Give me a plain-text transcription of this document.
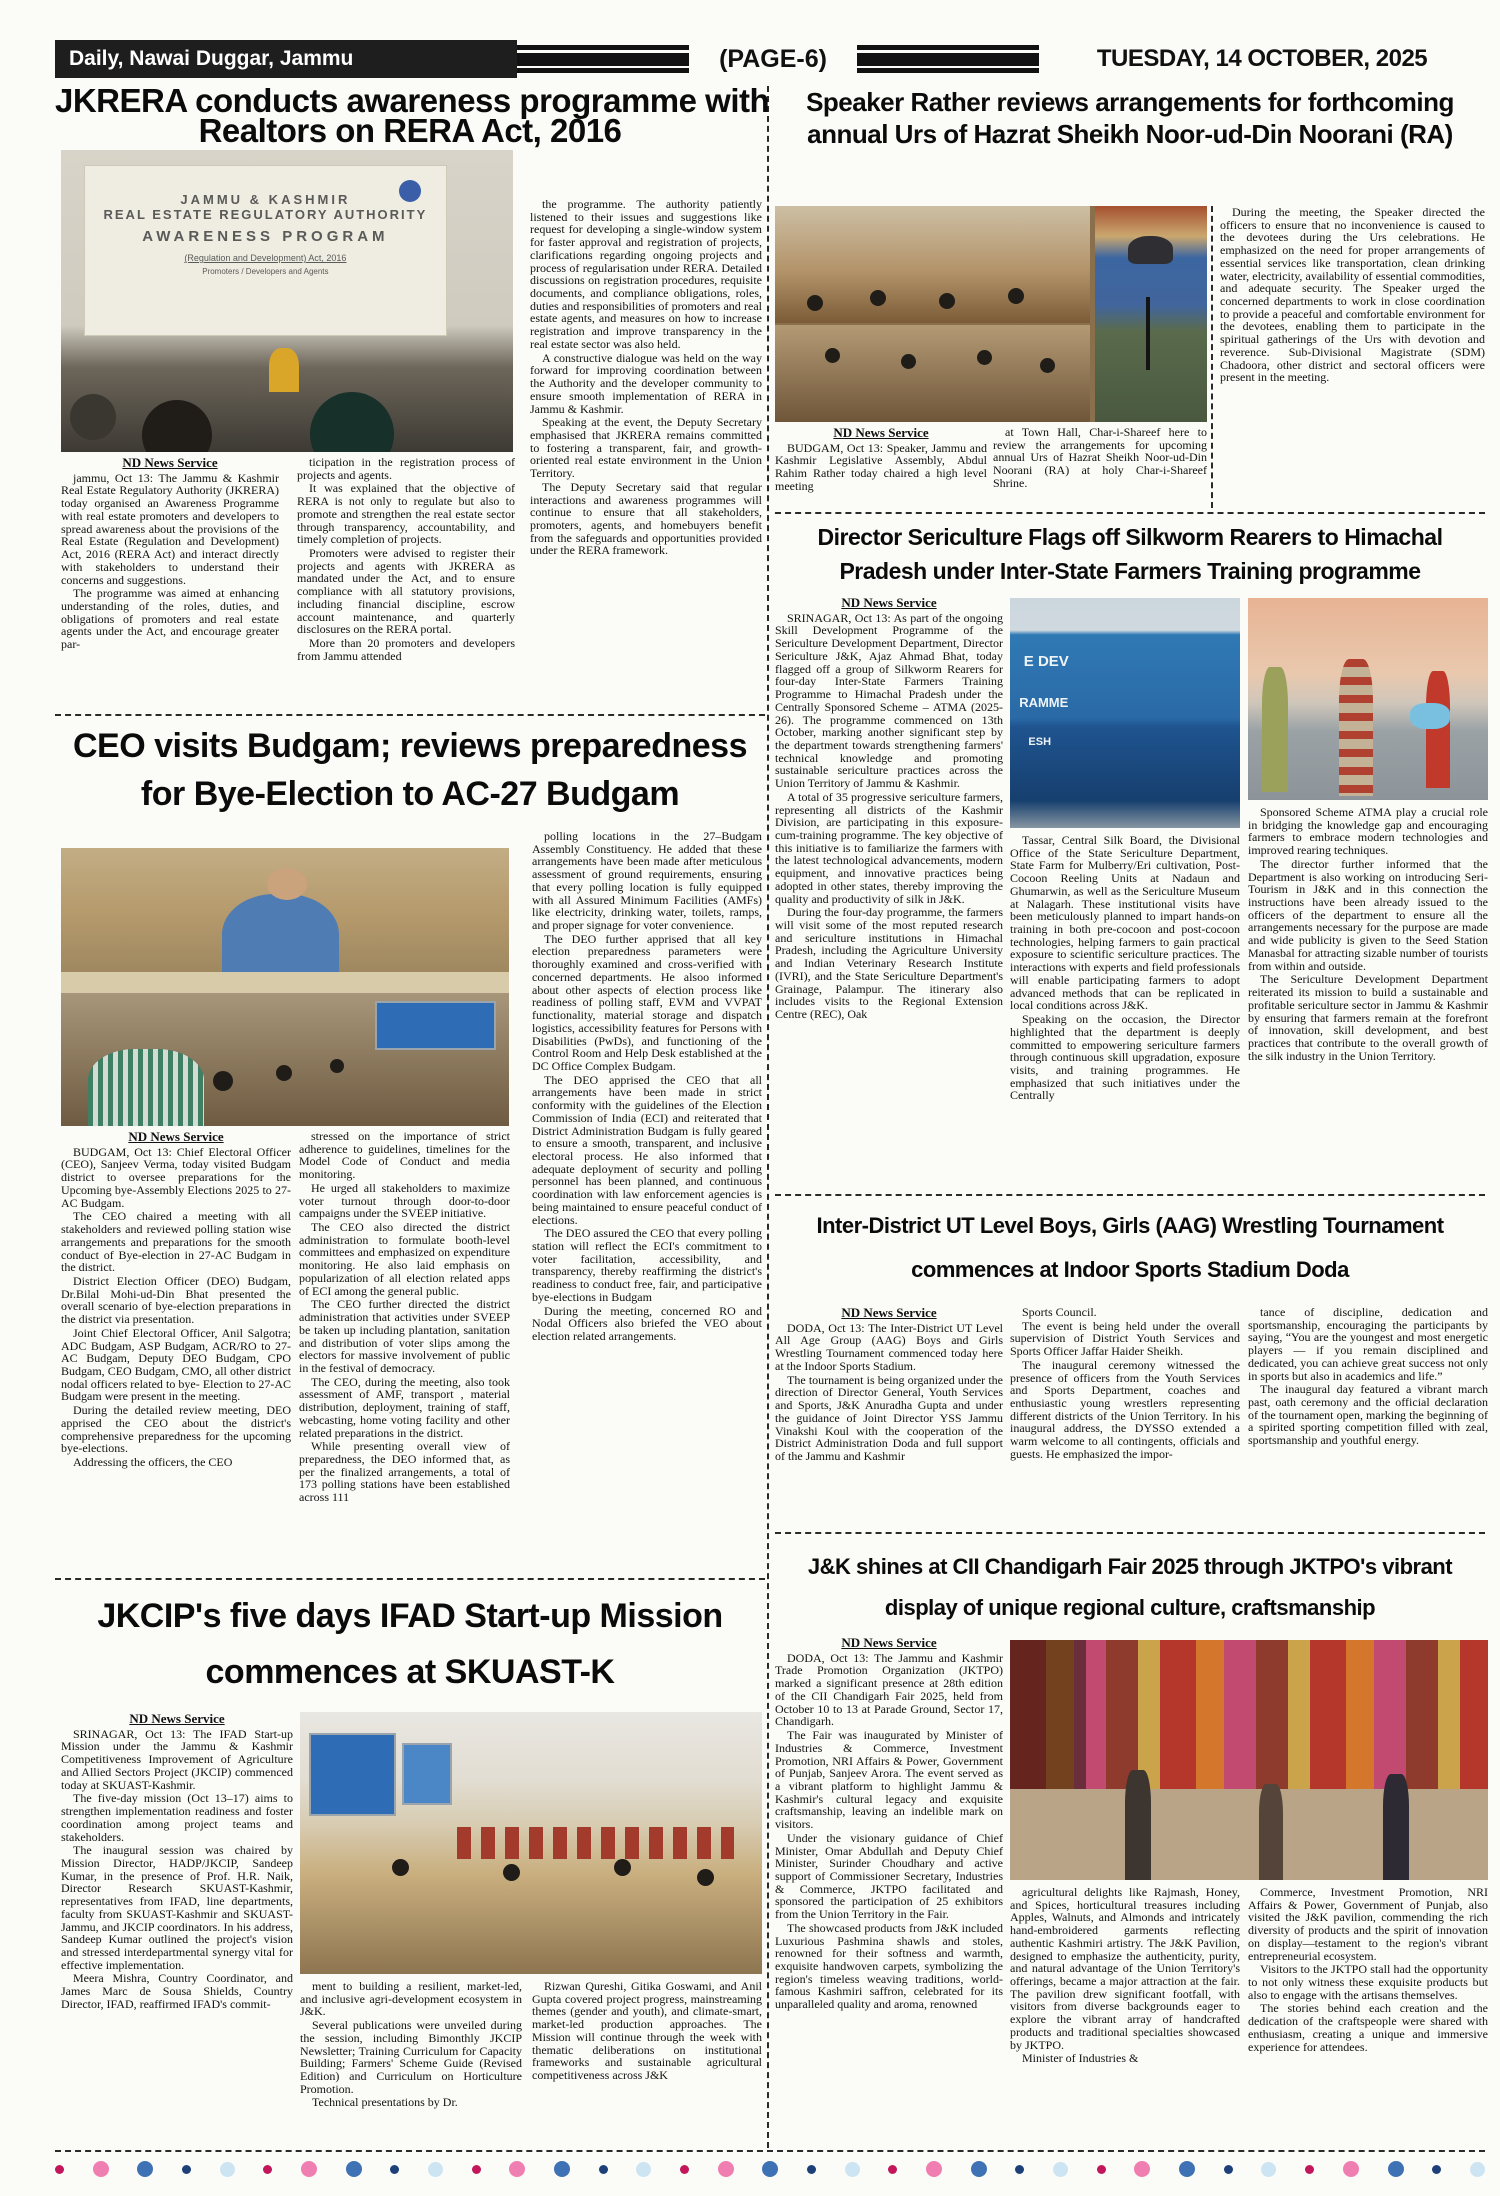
Daily, Nawai Duggar, Jammu	(PAGE-6)	TUESDAY, 14 OCTOBER, 2025

JKRERA conducts awareness programme with

Realtors on RERA Act, 2016

JAMMU & KASHMIR
REAL ESTATE REGULATORY AUTHORITY
AWARENESS PROGRAM
(Regulation and Development) Act, 2016
Promoters / Developers and Agents
ND News Service

jammu, Oct 13: The Jammu & Kashmir Real Estate Regulatory Authority (JKRERA) today organised an Awareness Programme with real estate promoters and developers to spread awareness about the provisions of the Real Estate (Regulation and Development) Act, 2016 (RERA Act) and interact directly with stakeholders to understand their concerns and suggestions.

The programme was aimed at enhancing understanding of the roles, duties, and obligations of promoters and real estate agents under the Act, and encourage greater par-

ticipation in the registration process of projects and agents.

It was explained that the objective of RERA is not only to regulate but also to promote and strengthen the real estate sector through transparency, accountability, and timely completion of projects.

Promoters were advised to register their projects and agents with JKRERA as mandated under the Act, and to ensure compliance with all statutory provisions, including financial discipline, escrow account maintenance, and quarterly disclosures on the RERA portal.

More than 20 promoters and developers from Jammu attended

the programme. The authority patiently listened to their issues and suggestions like request for developing a single-window system for faster approval and registration of projects, clarifications regarding ongoing projects and process of regularisation under RERA. Detailed discussions on registration procedures, requisite documents, and compliance obligations, roles, duties and responsibilities of promoters and real estate agents, and measures on how to increase registration and improve transparency in the real estate sector was also held.

A constructive dialogue was held on the way forward for improving coordination between the Authority and the developer community to ensure smooth implementation of RERA in Jammu & Kashmir.

Speaking at the event, the Deputy Secretary emphasised that JKRERA remains committed to fostering a transparent, fair, and growth-oriented real estate environment in the Union Territory.

The Deputy Secretary said that regular interactions and awareness programmes will continue to ensure that all stakeholders, promoters, agents, and homebuyers benefit from the safeguards and opportunities provided under the RERA framework.

Speaker Rather reviews arrangements for forthcoming

annual Urs of Hazrat Sheikh Noor-ud-Din Noorani (RA)

ND News Service

BUDGAM, Oct 13: Speaker, Jammu and Kashmir Legislative Assembly, Abdul Rahim Rather today chaired a high level meeting

at Town Hall, Char-i-Shareef here to review the arrangements for upcoming annual Urs of Hazrat Sheikh Noor-ud-Din Noorani (RA) at holy Char-i-Shareef Shrine.

During the meeting, the Speaker directed the officers to ensure that no inconvenience is caused to the devotees during the Urs celebrations. He emphasized on the need for proper arrangements of essential services like transportation, clean drinking water, electricity, availability of essential commodities, and adequate security. The Speaker urged the concerned departments to work in close coordination to provide a peaceful and comfortable environment for the devotees, enabling them to participate in the spiritual gatherings of the Urs with devotion and reverence. Sub-Divisional Magistrate (SDM) Chadoora, other district and sectoral officers were present in the meeting.

Director Sericulture Flags off Silkworm Rearers to Himachal

Pradesh under Inter-State Farmers Training programme

ND News Service

SRINAGAR, Oct 13: As part of the ongoing Skill Development Programme of the Sericulture Development Department, Director Sericulture J&K, Ajaz Ahmad Bhat, today flagged off a group of Silkworm Rearers for four-day Inter-State Farmers Training Programme to Himachal Pradesh under the Centrally Sponsored Scheme – ATMA (2025-26). The programme commenced on 13th October, marking another significant step by the department towards strengthening farmers' technical knowledge and promoting sustainable sericulture practices across the Union Territory of Jammu & Kashmir.

A total of 35 progressive sericulture farmers, representing all districts of the Kashmir Division, are participating in this exposure-cum-training programme. The key objective of this initiative is to familiarize the farmers with the latest technological advancements, modern equipment, and innovative practices being adopted in other states, thereby improving the quality and productivity of silk in J&K.

During the four-day programme, the farmers will visit some of the most reputed research and sericulture institutions in Himachal Pradesh, including the Agriculture University and Indian Veterinary Research Institute (IVRI), and the State Sericulture Department's Grainage, Palampur. The itinerary also includes visits to the Regional Extension Centre (REC), Oak

E DEV
RAMME
ESH

Tassar, Central Silk Board, the Divisional Office of the State Sericulture Department, State Farm for Mulberry/Eri cultivation, Post-Cocoon Reeling Units at Nadaun and Ghumarwin, as well as the Sericulture Museum at Nalagarh. These institutional visits have been meticulously planned to impart hands-on training in both pre-cocoon and post-cocoon technologies, helping farmers to gain practical exposure to scientific sericulture practices. The interactions with experts and field professionals will enable participating farmers to adopt advanced methods that can be replicated in local conditions across J&K.

Speaking on the occasion, the Director highlighted that the department is deeply committed to empowering sericulture farmers through continuous skill upgradation, exposure visits, and training programmes. He emphasized that such initiatives under the Centrally

Sponsored Scheme ATMA play a crucial role in bridging the knowledge gap and encouraging farmers to embrace modern technologies and improved rearing techniques.

The director further informed that the Department is also working on introducing Seri-Tourism in J&K and in this connection the instructions have been already issued to the officers of the department to ensure all the arrangements necessary for the purpose are made and wide publicity is given to the Seed Station Manasbal for attracting sizable number of tourists from within and outside.

The Sericulture Development Department reiterated its mission to build a sustainable and profitable sericulture sector in Jammu & Kashmir by ensuring that farmers remain at the forefront of innovation, skill development, and best practices that contribute to the overall growth of the silk industry in the Union Territory.

CEO visits Budgam; reviews preparedness

for Bye-Election to AC-27 Budgam

ND News Service

BUDGAM, Oct 13: Chief Electoral Officer (CEO), Sanjeev Verma, today visited Budgam district to oversee preparations for the Upcoming bye-Assembly Elections 2025 to 27-AC Budgam.

The CEO chaired a meeting with all stakeholders and reviewed polling station wise arrangements and preparations for the smooth conduct of Bye-election in 27-AC Budgam in the district.

District Election Officer (DEO) Budgam, Dr.Bilal Mohi-ud-Din Bhat presented the overall scenario of bye-election preparations in the district via presentation.

Joint Chief Electoral Officer, Anil Salgotra; ADC Budgam, ASP Budgam, ACR/RO to 27-AC Budgam, Deputy DEO Budgam, CPO Budgam, CEO Budgam, CMO, all other district nodal officers related to bye- Election to 27-AC Budgam were present in the meeting.

During the detailed review meeting, DEO apprised the CEO about the district's comprehensive preparedness for the upcoming bye-elections.

Addressing the officers, the CEO

stressed on the importance of strict adherence to guidelines, timelines for the Model Code of Conduct and media monitoring.

He urged all stakeholders to maximize voter turnout through door-to-door campaigns under the SVEEP initiative.

The CEO also directed the district administration to formulate booth-level committees and emphasized on expenditure monitoring. He also laid emphasis on popularization of all election related apps of ECI among the general public.

The CEO further directed the district administration that activities under SVEEP be taken up including plantation, sanitation and distribution of voter slips among the electors for massive involvement of public in the festival of democracy.

The CEO, during the meeting, also took assessment of AMF, transport , material distribution, deployment, training of staff, webcasting, home voting facility and other related preparations in the district.

While presenting overall view of preparedness, the DEO informed that, as per the finalized arrangements, a total of 173 polling stations have been established across 111

polling locations in the 27–Budgam Assembly Constituency. He added that these arrangements have been made after meticulous assessment of ground requirements, ensuring that every polling location is fully equipped with all Assured Minimum Facilities (AMFs) like electricity, drinking water, toilets, ramps, and proper signage for voter convenience.

The DEO further apprised that all key election preparedness parameters were thoroughly examined and cross-verified with concerned departments. He alsoo informed about other aspects of election process like readiness of polling staff, EVM and VVPAT functionality, material storage and dispatch logistics, accessibility features for Persons with Disabilities (PwDs), and functioning of the Control Room and Help Desk established at the DC Office Complex Budgam.

The DEO apprised the CEO that all arrangements have been made in strict conformity with the guidelines of the Election Commission of India (ECI) and reiterated that District Administration Budgam is fully geared to ensure a smooth, transparent, and inclusive electoral process. He also informed that adequate deployment of security and polling personnel has been planned, and continuous coordination with law enforcement agencies is being maintained to ensure peaceful conduct of elections.

The DEO assured the CEO that every polling station will reflect the ECI's commitment to voter facilitation, accessibility, and transparency, thereby reaffirming the district's readiness to conduct free, fair, and participative bye-elections in Budgam

During the meeting, concerned RO and Nodal Officers also briefed the VEO about election related arrangements.

Inter-District UT Level Boys, Girls (AAG) Wrestling Tournament

commences at Indoor Sports Stadium Doda

ND News Service

DODA, Oct 13: The Inter-District UT Level All Age Group (AAG) Boys and Girls Wrestling Tournament commenced today here at the Indoor Sports Stadium.

The tournament is being organized under the direction of Director General, Youth Services and Sports, J&K Anuradha Gupta and under the guidance of Joint Director YSS Jammu Vinakshi Koul with the cooperation of the District Administration Doda and full support of the Jammu and Kashmir

Sports Council.

The event is being held under the overall supervision of District Youth Services and Sports Officer Jaffar Haider Sheikh.

The inaugural ceremony witnessed the presence of officers from the Youth Services and Sports Department, coaches and enthusiastic young wrestlers representing different districts of the Union Territory. In his inaugural address, the DYSSO extended a warm welcome to all contingents, officials and guests. He emphasized the impor-

tance of discipline, dedication and sportsmanship, encouraging the participants by saying, “You are the youngest and most energetic players — if you remain disciplined and dedicated, you can achieve great success not only in sports but also in academics and life.”

The inaugural day featured a vibrant march past, oath ceremony and the official declaration of the tournament open, marking the beginning of a spirited sporting competition filled with zeal, sportsmanship and youthful energy.

JKCIP's five days IFAD Start-up Mission

commences at SKUAST-K

ND News Service

SRINAGAR, Oct 13: The IFAD Start-up Mission under the Jammu & Kashmir Competitiveness Improvement of Agriculture and Allied Sectors Project (JKCIP) commenced today at SKUAST-Kashmir.

The five-day mission (Oct 13–17) aims to strengthen implementation readiness and foster coordination among project teams and stakeholders.

The inaugural session was chaired by Mission Director, HADP/JKCIP, Sandeep Kumar, in the presence of Prof. H.R. Naik, Director Research SKUAST-Kashmir, representatives from IFAD, line departments, faculty from SKUAST-Kashmir and SKUAST-Jammu, and JKCIP coordinators. In his address, Sandeep Kumar outlined the project's vision and stressed interdepartmental synergy vital for effective implementation.

Meera Mishra, Country Coordinator, and James Marc de Sousa Shields, Country Director, IFAD, reaffirmed IFAD's commit-

ment to building a resilient, market-led, and inclusive agri-development ecosystem in J&K.

Several publications were unveiled during the session, including Bimonthly JKCIP Newsletter; Training Curriculum for Capacity Building; Farmers' Scheme Guide (Revised Edition) and Curriculum on Horticulture Promotion.

Technical presentations by Dr.

Rizwan Qureshi, Gitika Goswami, and Anil Gupta covered project progress, mainstreaming themes (gender and youth), and climate-smart, market-led production approaches. The Mission will continue through the week with thematic deliberations on institutional frameworks and sustainable agricultural competitiveness across J&K

J&K shines at CII Chandigarh Fair 2025 through JKTPO's vibrant

display of unique regional culture, craftsmanship

ND News Service

DODA, Oct 13: The Jammu and Kashmir Trade Promotion Organization (JKTPO) marked a significant presence at 28th edition of the CII Chandigarh Fair 2025, held from October 10 to 13 at Parade Ground, Sector 17, Chandigarh.

The Fair was inaugurated by Minister of Industries & Commerce, Investment Promotion, NRI Affairs & Power, Government of Punjab, Sanjeev Arora. The event served as a vibrant platform to highlight Jammu & Kashmir's cultural legacy and exquisite craftsmanship, leaving an indelible mark on visitors.

Under the visionary guidance of Chief Minister, Omar Abdullah and Deputy Chief Minister, Surinder Choudhary and active support of Commissioner Secretary, Industries & Commerce, JKTPO facilitated and sponsored the participation of 25 exhibitors from the Union Territory in the Fair.

The showcased products from J&K included Luxurious Pashmina shawls and stoles, renowned for their softness and warmth, exquisite handwoven carpets, symbolizing the region's timeless weaving traditions, world-famous Kashmiri saffron, celebrated for its unparalleled quality and aroma, renowned

agricultural delights like Rajmash, Honey, and Spices, horticultural treasures including Apples, Walnuts, and Almonds and intricately hand-embroidered garments reflecting authentic Kashmiri artistry. The J&K Pavilion, designed to emphasize the authenticity, purity, and natural advantage of the Union Territory's offerings, became a major attraction at the fair. The pavilion drew significant footfall, with visitors from diverse backgrounds eager to explore the vibrant array of handcrafted products and traditional specialties showcased by JKTPO.

Minister of Industries &

Commerce, Investment Promotion, NRI Affairs & Power, Government of Punjab, also visited the J&K pavilion, commending the rich diversity of products and the spirit of innovation on display—testament to the region's vibrant entrepreneurial ecosystem.

Visitors to the JKTPO stall had the opportunity to not only witness these exquisite products but also to engage with the artisans themselves.

The stories behind each creation and the dedication of the craftspeople were shared with enthusiasm, creating a unique and immersive experience for attendees.
